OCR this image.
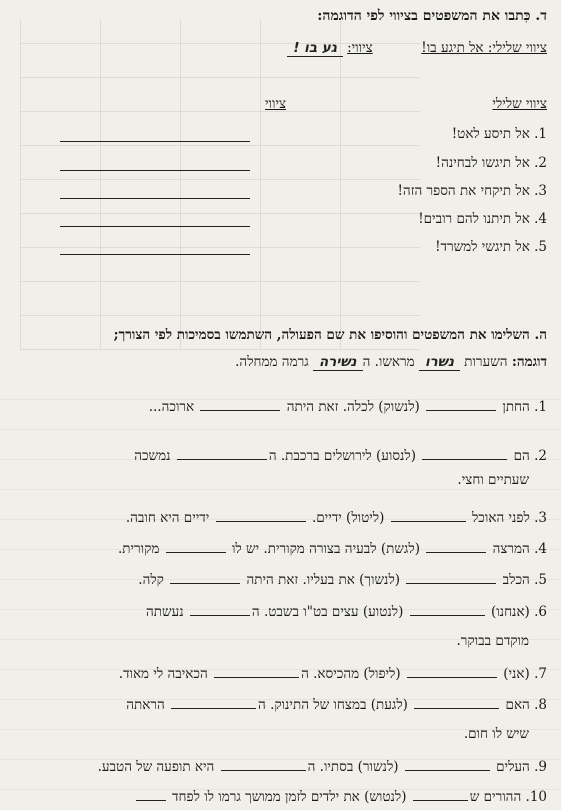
ד. כִּתבו את המשפטים בציווי לפי הדוגמה:
ציווי שלילי: אל תיגע בו!  ציווי: גע בו !
ציווי שלילי
ציווי
1. אל תיסע לאט!
2. אל תיגשו לבחינה!
3. אל תיקחי את הספר הזה!
4. אל תיתנו להם רובים!
5. אל תיגשי למשרד!
ה. השלימו את המשפטים והוסיפו את שם הפעולה, השתמשו בסמיכות לפי הצורך;
דוגמה: השערות נשרו מראשו. הנשירה גרמה ממחלה.
1. החתן  (לנשוק) לכלה. זאת היתה  ארוכה...
2. הם  (לנסוע) לירושלים ברכבת. ה נמשכה
שעתיים וחצי.
3. לפני האוכל  (ליטול) ידיים.  ידיים היא חובה.
4. המרצה  (לגשת) לבעיה בצורה מקורית. יש לו  מקורית.
5. הכלב  (לנשוך) את בעליו. זאת היתה  קלה.
6. (אנחנו)  (לנטוע) עצים בט"ו בשבט. ה נעשתה
מוקדם בבוקר.
7. (אני)  (ליפול) מהכיסא. ה הכאיבה לי מאוד.
8. האם  (לגעת) במצחו של התינוק. ה הראתה
שיש לו חום.
9. העלים  (לנשור) בסתיו. ה היא תופעה של הטבע.
10. ההורים ש (לנטוש) את ילדים לזמן ממושך גרמו לו לפחד
